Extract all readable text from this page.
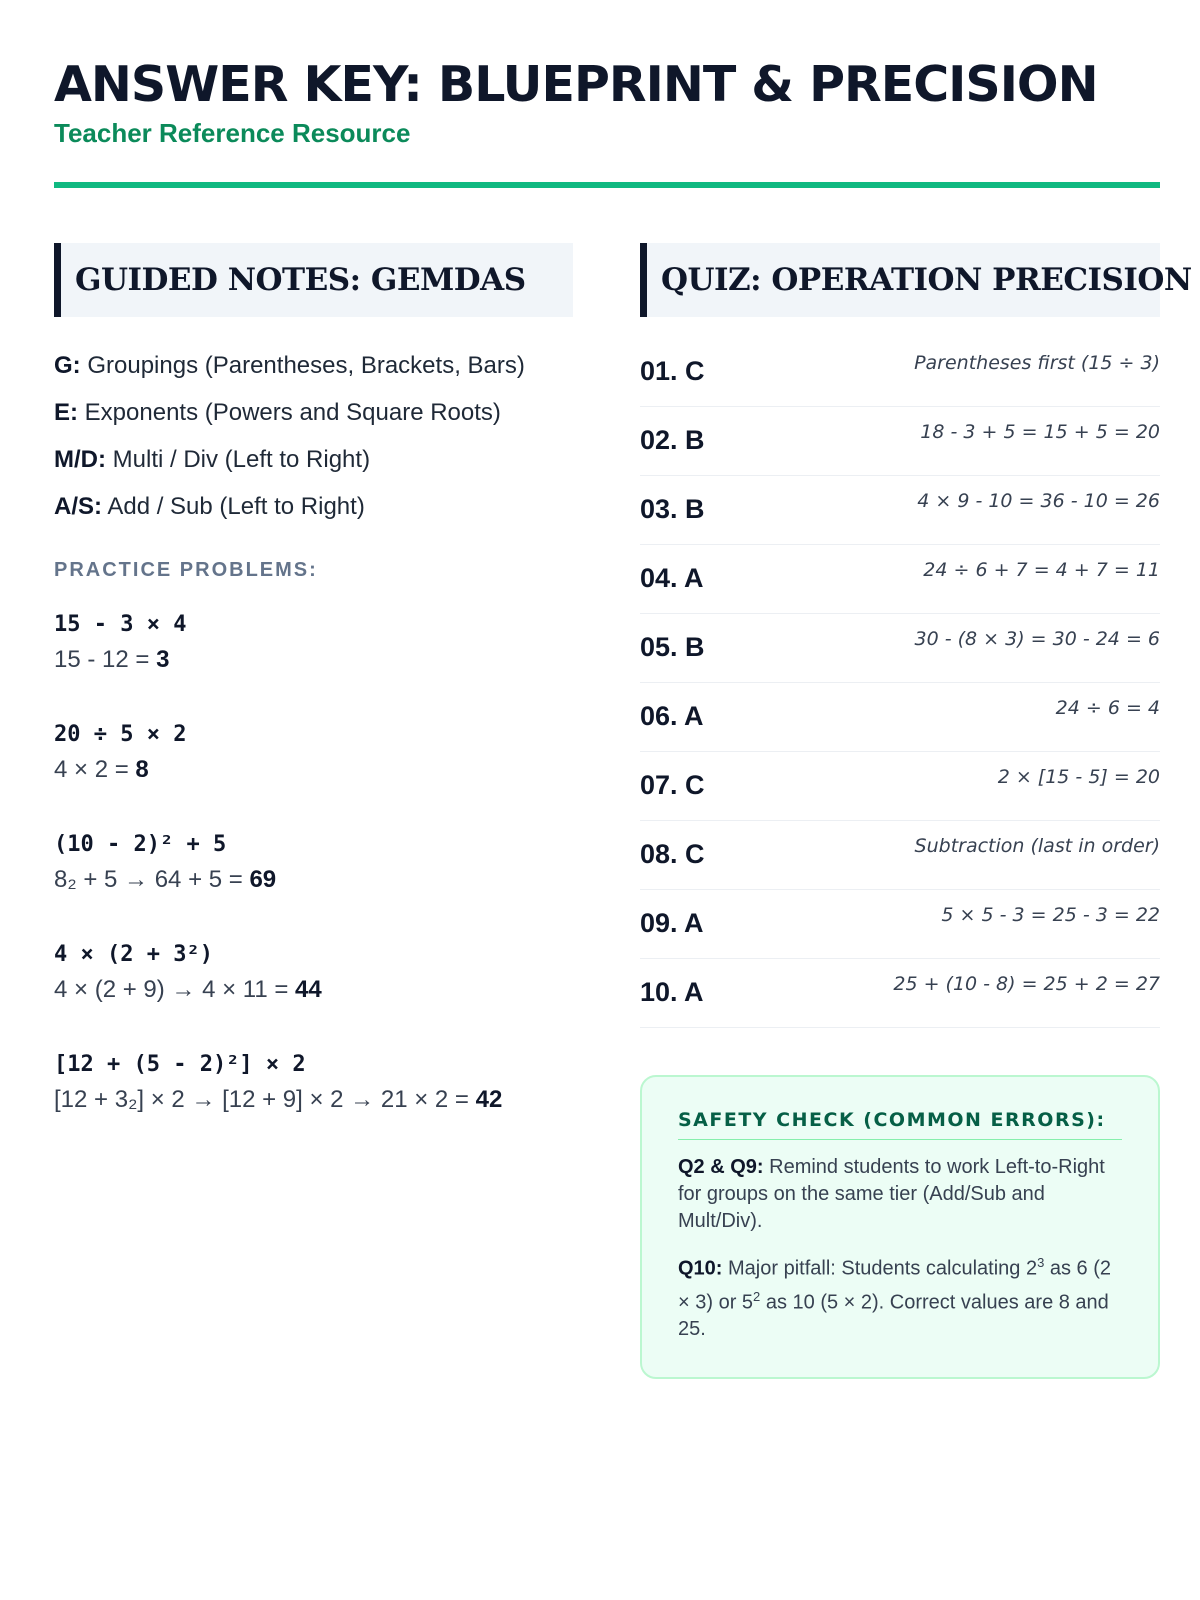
ANSWER KEY: BLUEPRINT & PRECISION
Teacher Reference Resource
GUIDED NOTES: GEMDAS
G: Groupings (Parentheses, Brackets, Bars)
E: Exponents (Powers and Square Roots)
M/D: Multi / Div (Left to Right)
A/S: Add / Sub (Left to Right)
PRACTICE PROBLEMS:
15 - 3 × 4
15 - 12 = 3
20 ÷ 5 × 2
4 × 2 = 8
(10 - 2)² + 5
8₂ + 5 → 64 + 5 = 69
4 × (2 + 3²)
4 × (2 + 9) → 4 × 11 = 44
[12 + (5 - 2)²] × 2
[12 + 3₂] × 2 → [12 + 9] × 2 → 21 × 2 = 42
QUIZ: OPERATION PRECISION
01. C	Parentheses first (15 ÷ 3)
02. B	18 - 3 + 5 = 15 + 5 = 20
03. B	4 × 9 - 10 = 36 - 10 = 26
04. A	24 ÷ 6 + 7 = 4 + 7 = 11
05. B	30 - (8 × 3) = 30 - 24 = 6
06. A	24 ÷ 6 = 4
07. C	2 × [15 - 5] = 20
08. C	Subtraction (last in order)
09. A	5 × 5 - 3 = 25 - 3 = 22
10. A	25 + (10 - 8) = 25 + 2 = 27
SAFETY CHECK (COMMON ERRORS):
Q2 & Q9: Remind students to work Left-to-Right for groups on the same tier (Add/Sub and Mult/Div).
Q10: Major pitfall: Students calculating $2^3$ as 6 (2 × 3) or $5^2$ as 10 (5 × 2). Correct values are 8 and 25.
